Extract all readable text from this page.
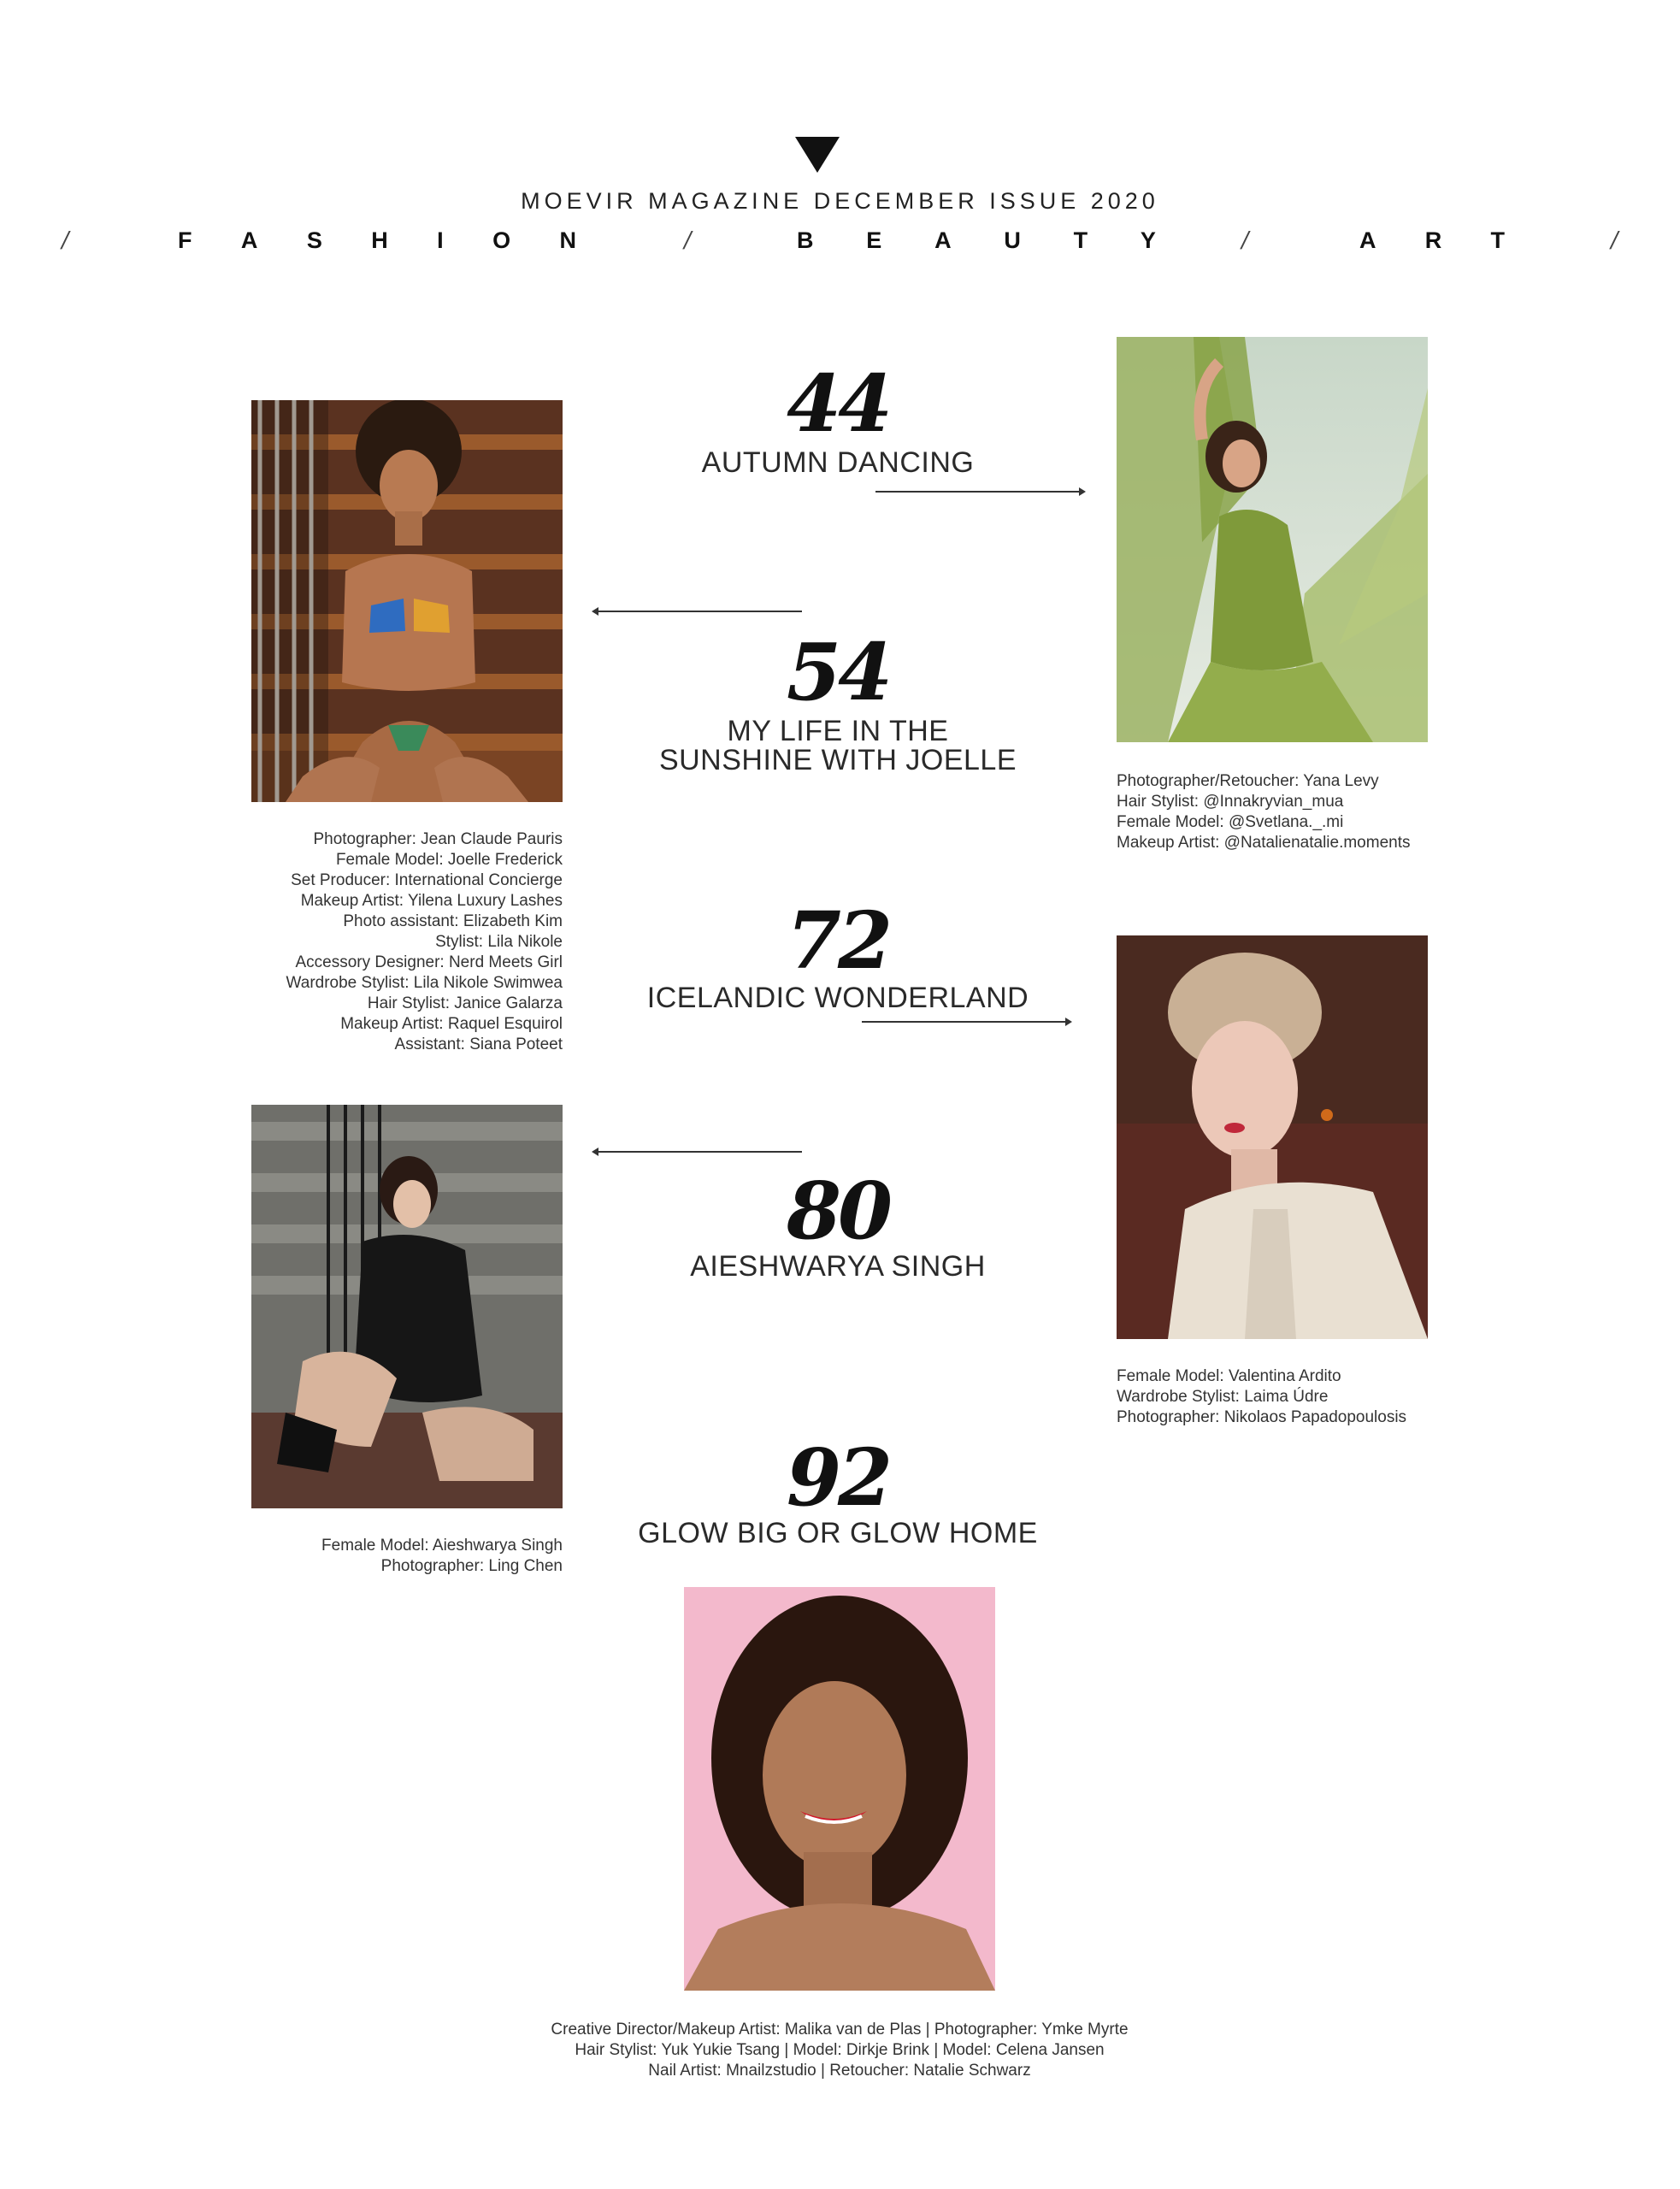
MOEVIR MAGAZINE DECEMBER ISSUE 2020
/	F A S H I O N	/	B E A U T Y	/	A R T	/
44
AUTUMN DANCING
54
MY LIFE IN THE
SUNSHINE WITH JOELLE
72
ICELANDIC WONDERLAND
80
AIESHWARYA SINGH
92
GLOW BIG OR GLOW HOME
Photographer/Retoucher: Yana Levy
Hair Stylist: @Innakryvian_mua
Female Model: @Svetlana._.mi
Makeup Artist: @Natalienatalie.moments
Photographer: Jean Claude Pauris
Female Model: Joelle Frederick
Set Producer: International Concierge
Makeup Artist: Yilena Luxury Lashes
Photo assistant: Elizabeth Kim
Stylist: Lila Nikole
Accessory Designer: Nerd Meets Girl
Wardrobe Stylist: Lila Nikole Swimwea
Hair Stylist: Janice Galarza
Makeup Artist: Raquel Esquirol
Assistant: Siana Poteet
Female Model: Valentina Ardito
Wardrobe Stylist: Laima Údre
Photographer: Nikolaos Papadopoulosis
Female Model: Aieshwarya Singh
Photographer: Ling Chen
Creative Director/Makeup Artist: Malika van de Plas | Photographer: Ymke Myrte
Hair Stylist: Yuk Yukie Tsang | Model: Dirkje Brink | Model: Celena Jansen
Nail Artist: Mnailzstudio | Retoucher: Natalie Schwarz
